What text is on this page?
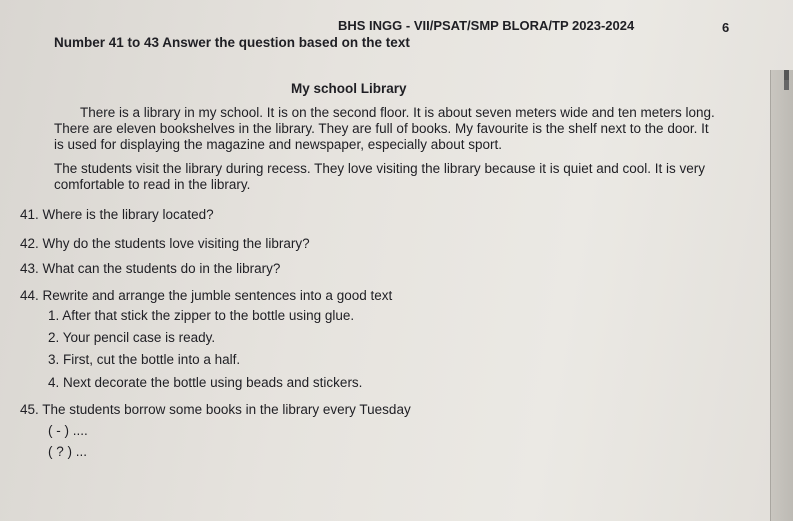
BHS INGG - VII/PSAT/SMP BLORA/TP 2023-2024	6
Number 41 to 43 Answer the question based on the text
My school Library
There is a library in my school. It is on the second floor. It is about seven meters wide and ten meters long.
There are eleven bookshelves in the library. They are full of books. My favourite is the shelf next to the door. It
is used for displaying the magazine and newspaper, especially about sport.
The students visit the library during recess. They love visiting the library because it is quiet and cool. It is very
comfortable to read in the library.
41. Where is the library located?
42. Why do the students love visiting the library?
43. What can the students do in the library?
44. Rewrite and arrange the jumble sentences into a good text
1. After that stick the zipper to the bottle using glue.
2. Your pencil case is ready.
3. First, cut the bottle into a half.
4. Next decorate the bottle using beads and stickers.
45. The students borrow some books in the library every Tuesday
( - ) ....
( ? ) ...
